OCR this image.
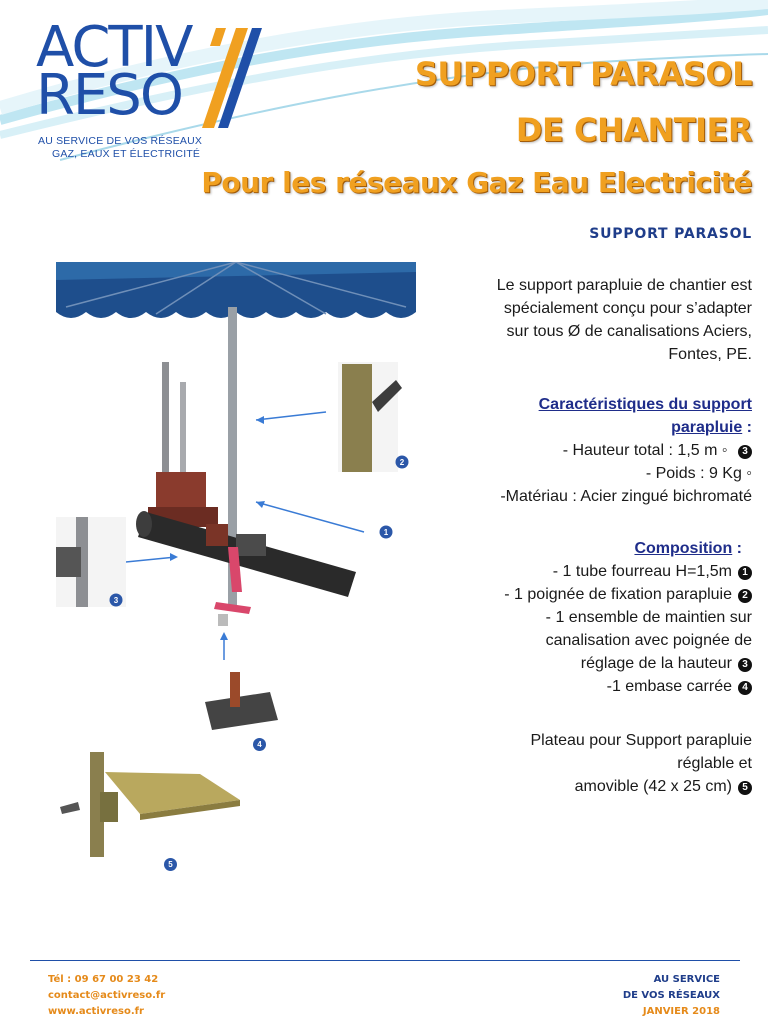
ACTIV
RESO
AU SERVICE DE VOS RÉSEAUX
GAZ, EAUX ET ÉLECTRICITÉ
SUPPORT PARASOL
DE CHANTIER
Pour les réseaux Gaz Eau Electricité
SUPPORT PARASOL
1
2
3
4
5
Le support parapluie de chantier est
spécialement conçu pour s’adapter
sur tous Ø de canalisations Aciers,
Fontes, PE.
Caractéristiques du support
parapluie :
- Hauteur total : 1,5 m ◦ 3
- Poids : 9 Kg ◦
-Matériau : Acier zingué bichromaté
Composition :
- 1 tube fourreau H=1,5m 1
- 1 poignée de fixation parapluie 2
- 1 ensemble de maintien sur
canalisation avec poignée de
réglage de la hauteur 3
-1 embase carrée 4
Plateau pour Support parapluie
réglable et
amovible (42 x 25 cm) 5
Tél : 09 67 00 23 42
contact@activreso.fr
www.activreso.fr
AU SERVICE
DE VOS RÉSEAUX
JANVIER 2018
